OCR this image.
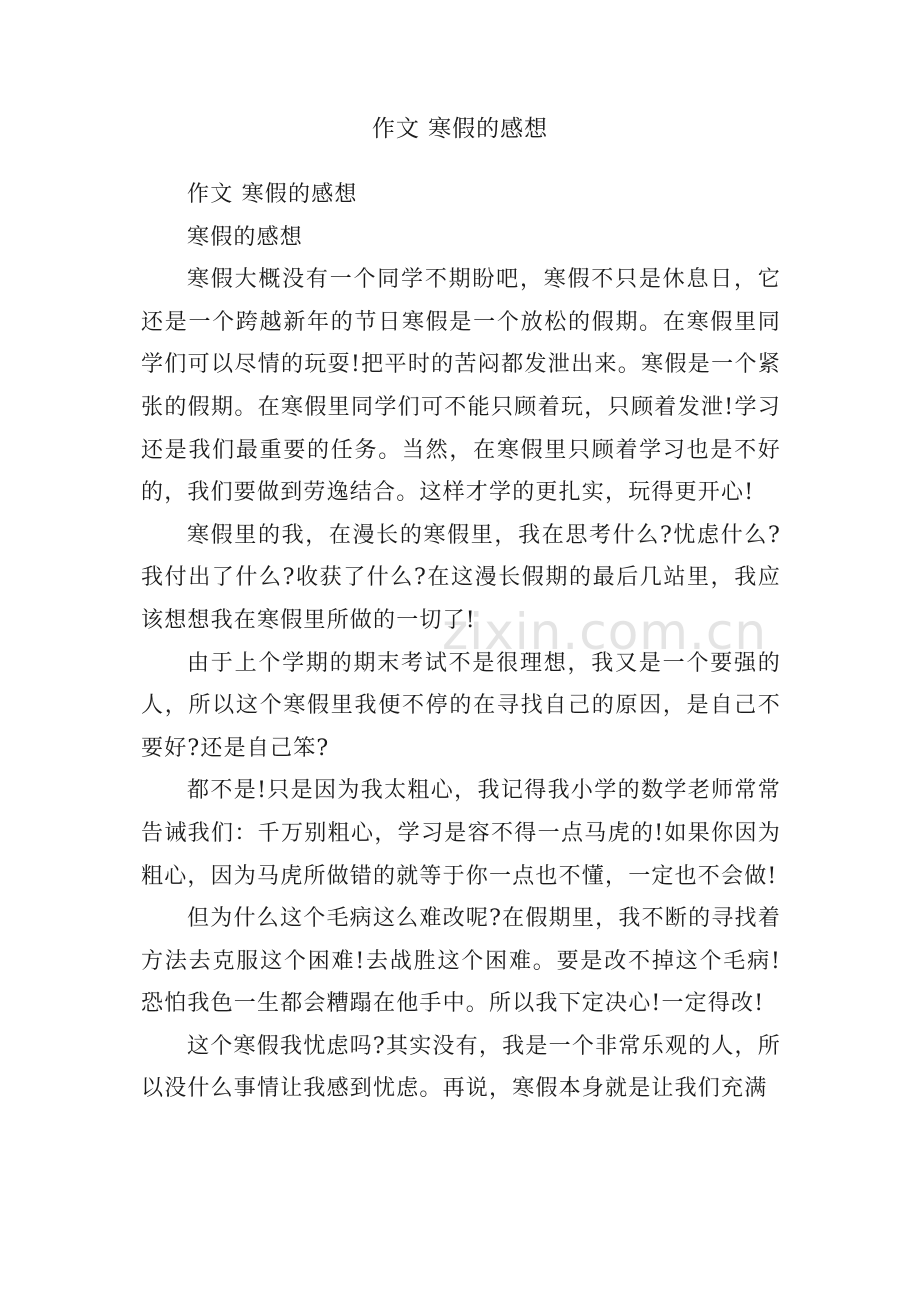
作文 寒假的感想
zixin.com.cn

作文 寒假的感想

寒假的感想

寒假大概没有一个同学不期盼吧，寒假不只是休息日，它还是一个跨越新年的节日寒假是一个放松的假期。在寒假里同学们可以尽情的玩耍!把平时的苦闷都发泄出来。寒假是一个紧张的假期。在寒假里同学们可不能只顾着玩，只顾着发泄!学习还是我们最重要的任务。当然，在寒假里只顾着学习也是不好的，我们要做到劳逸结合。这样才学的更扎实，玩得更开心!

寒假里的我，在漫长的寒假里，我在思考什么?忧虑什么?我付出了什么?收获了什么?在这漫长假期的最后几站里，我应该想想我在寒假里所做的一切了!

由于上个学期的期末考试不是很理想，我又是一个要强的人，所以这个寒假里我便不停的在寻找自己的原因，是自己不要好?还是自己笨?

都不是!只是因为我太粗心，我记得我小学的数学老师常常告诫我们：千万别粗心，学习是容不得一点马虎的!如果你因为粗心，因为马虎所做错的就等于你一点也不懂，一定也不会做!

但为什么这个毛病这么难改呢?在假期里，我不断的寻找着方法去克服这个困难!去战胜这个困难。要是改不掉这个毛病!恐怕我色一生都会糟蹋在他手中。所以我下定决心!一定得改!

这个寒假我忧虑吗?其实没有，我是一个非常乐观的人，所以没什么事情让我感到忧虑。再说，寒假本身就是让我们充满
